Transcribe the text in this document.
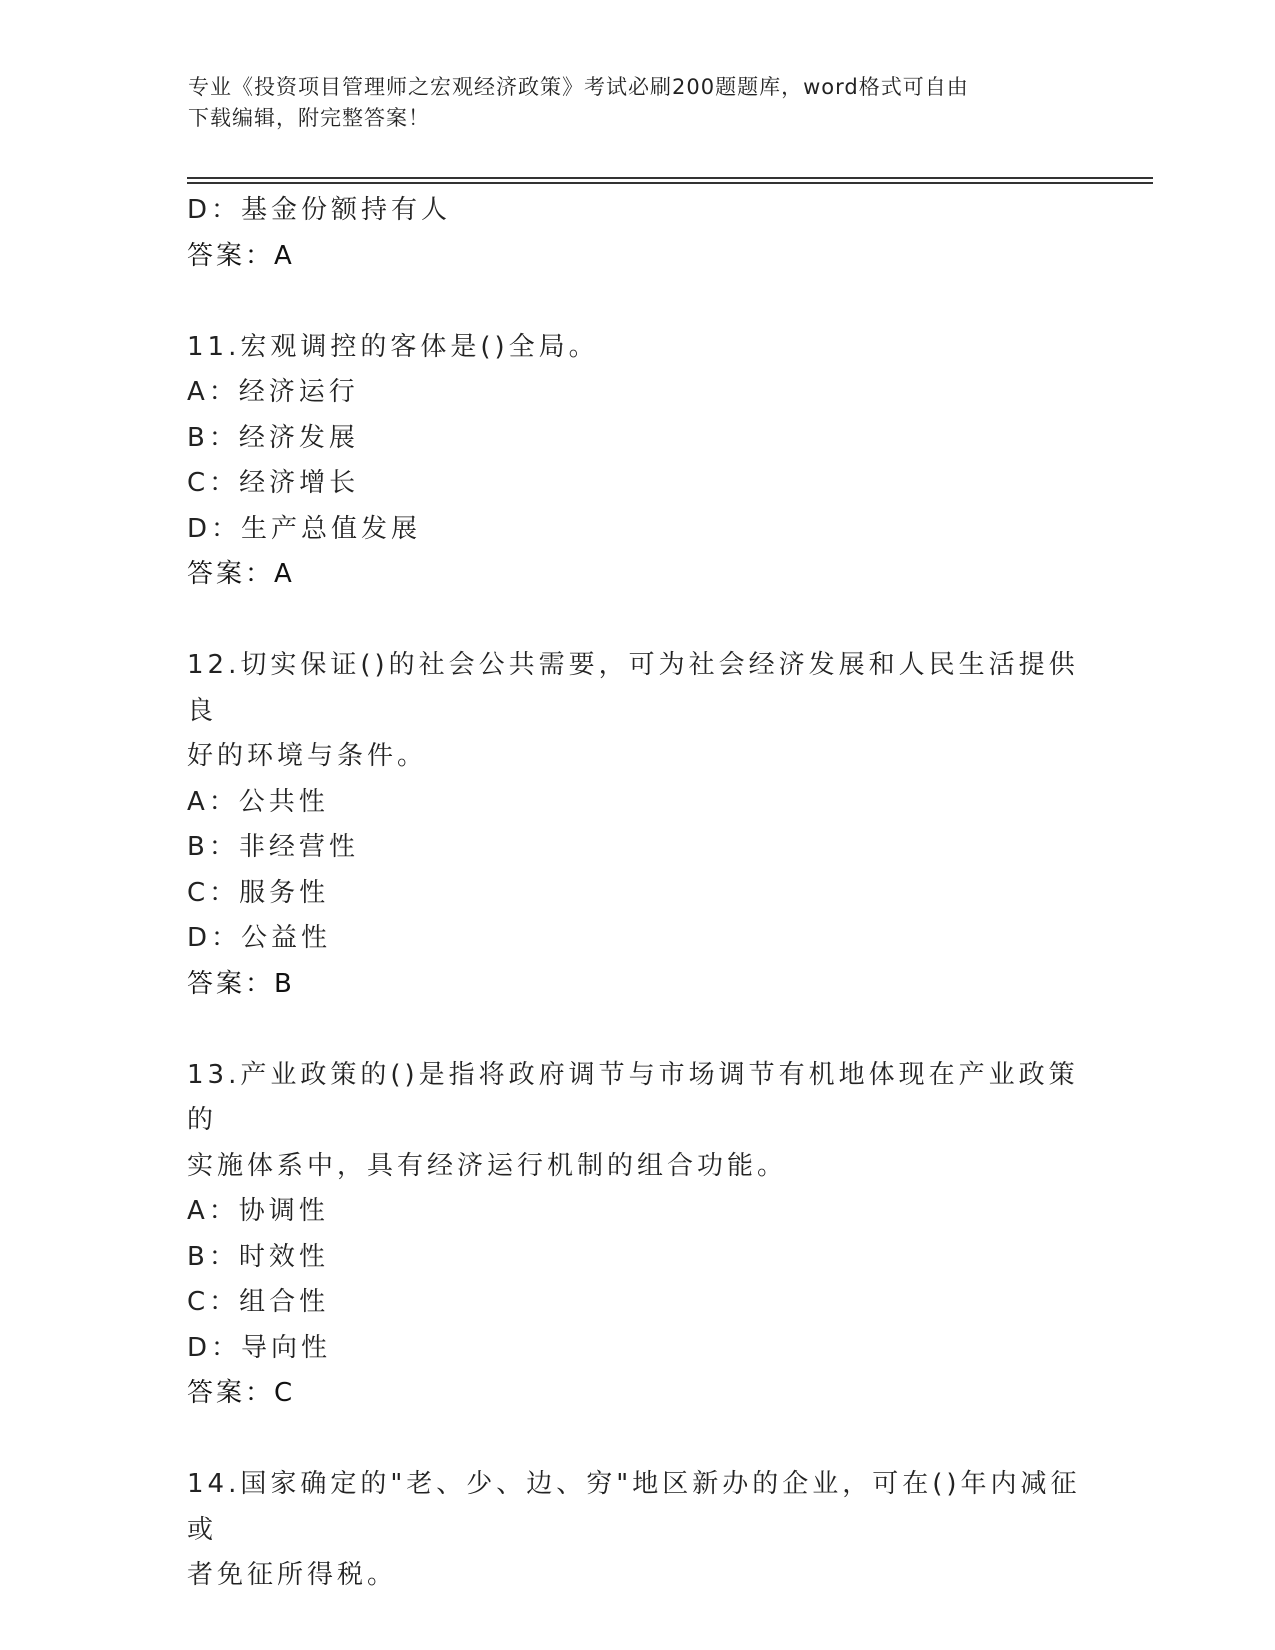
专业《投资项目管理师之宏观经济政策》考试必刷200题题库，word格式可自由
下载编辑，附完整答案！
D：基金份额持有人
答案：A
11.宏观调控的客体是()全局。
A：经济运行
B：经济发展
C：经济增长
D：生产总值发展
答案：A
12.切实保证()的社会公共需要，可为社会经济发展和人民生活提供良
好的环境与条件。
A：公共性
B：非经营性
C：服务性
D：公益性
答案：B
13.产业政策的()是指将政府调节与市场调节有机地体现在产业政策的
实施体系中，具有经济运行机制的组合功能。
A：协调性
B：时效性
C：组合性
D：导向性
答案：C
14.国家确定的"老、少、边、穷"地区新办的企业，可在()年内减征或
者免征所得税。
